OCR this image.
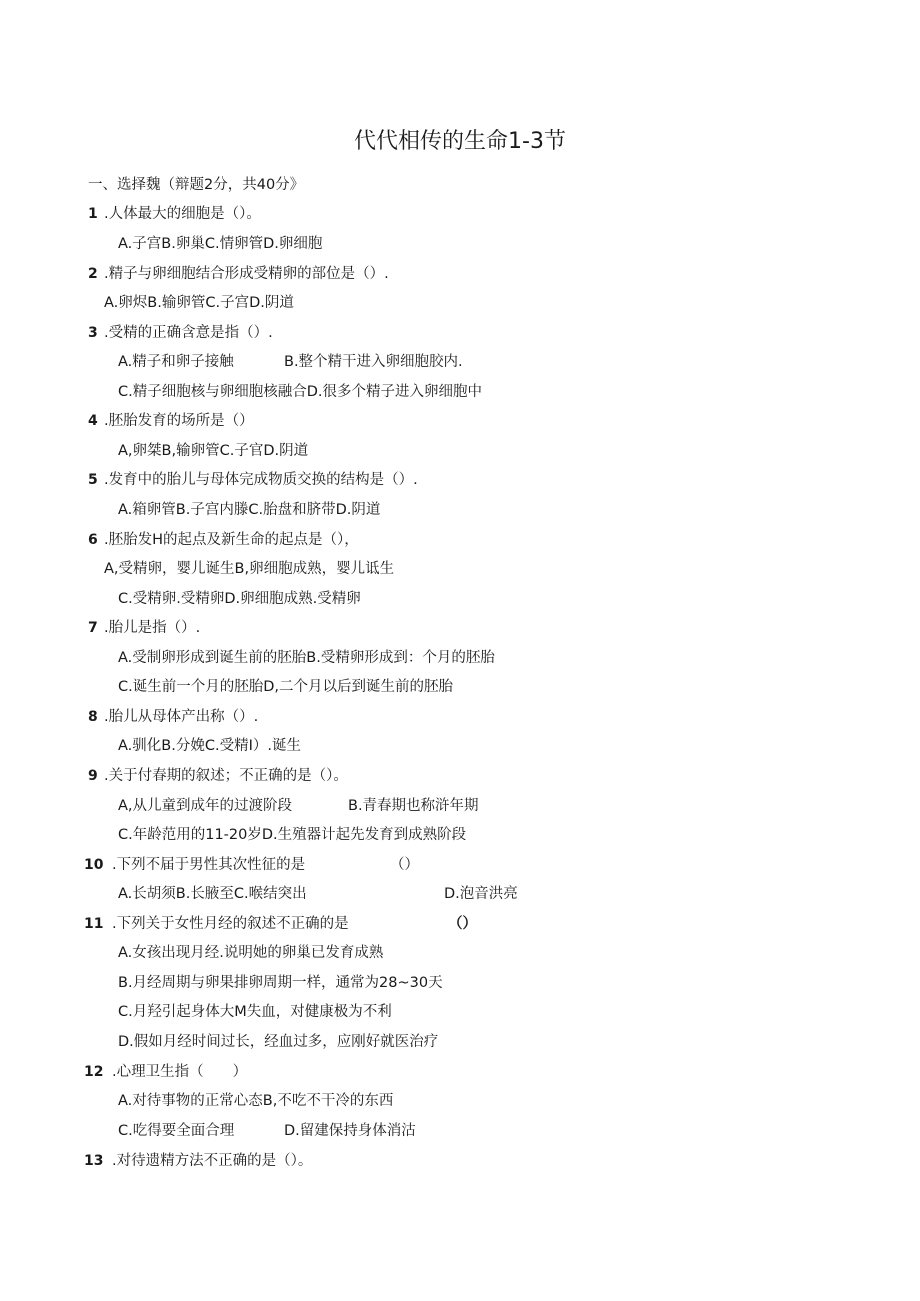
代代相传的生命1-3节
一、选择魏（辩题2分，共40分》
1 .人体最大的细胞是（）。
A.子宫B.卵巢C.情卵管D.卵细胞
2 .精子与卵细胞结合形成受精卵的部位是（）.
A.卵烬B.输卵管C.子宫D.阴道
3 .受精的正确含意是指（）.
A.精子和卵子接触	B.整个精干进入卵细胞胶内.
C.精子细胞核与卵细胞核融合D.很多个精子进入卵细胞中
4 .胚胎发育的场所是（）
A,卵桀B,输卵管C.子官D.阴道
5 .发育中的胎儿与母体完成物质交换的结构是（）.
A.箱卵管B.子宫内滕C.胎盘和脐带D.阴道
6 .胚胎发H的起点及新生命的起点是（），
A,受精卵，婴儿诞生B,卵细胞成熟，婴儿诋生
C.受精卵.受精卵D.卵细胞成熟.受精卵
7 .胎儿是指（）.
A.受制卵形成到诞生前的胚胎B.受精卵形成到：个月的胚胎
C.诞生前一个月的胚胎D,二个月以后到诞生前的胚胎
8 .胎儿从母体产出称（）.
A.驯化B.分娩C.受精I）.诞生
9 .关于付春期的叙述；不正确的是（）。
A,从儿童到成年的过渡阶段	B.青春期也称浒年期
C.年龄范用的11-20岁D.生殖器计起先发育到成熟阶段
10 .下列不届于男性其次性征的是	（）
A.长胡须B.长腋至C.喉结突出	D.泡音洪亮
11 .下列关于女性月经的叙述不正确的是	（）
A.女孩出现月经.说明她的卵巢已发育成熟
B.月经周期与卵果排卵周期一样，通常为28~30天
C.月羟引起身体大M失血，对健康极为不利
D.假如月经时间过长，经血过多，应刚好就医治疗
12 .心理卫生指（　　）
A.对待事物的正常心态B,不吃不干冷的东西
C.吃得要全面合理	D.留建保持身体消沽
13 .对待遗精方法不正确的是（）。
